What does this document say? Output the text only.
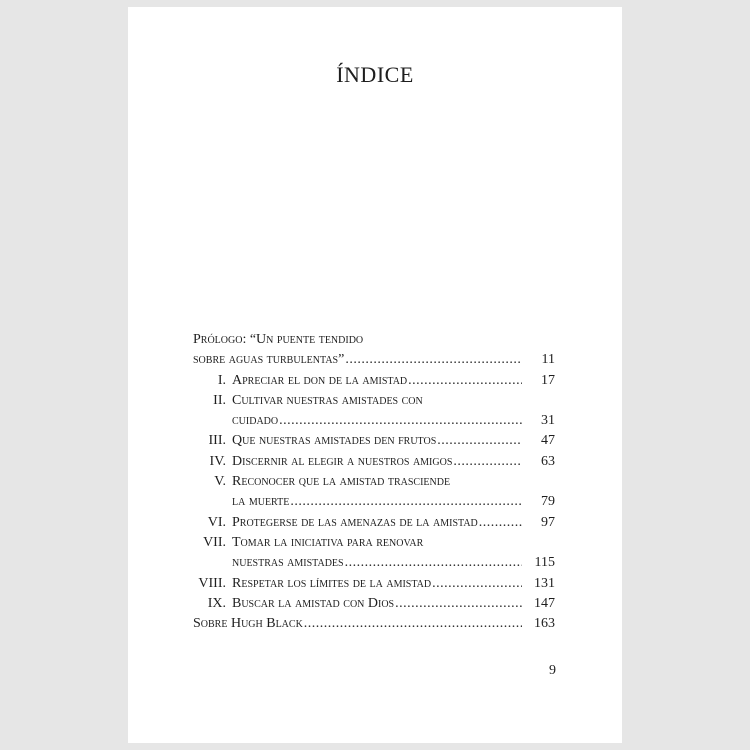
ÍNDICE
Prólogo: “Un puente tendido
sobre aguas turbulentas” .....	11
I. Apreciar el don de la amistad .....	17
II. Cultivar nuestras amistades con
cuidado .....	31
III. Que nuestras amistades den frutos .....	47
IV. Discernir al elegir a nuestros amigos .....	63
V. Reconocer que la amistad trasciende
la muerte .....	79
VI. Protegerse de las amenazas de la amistad .....	97
VII. Tomar la iniciativa para renovar
nuestras amistades .....	115
VIII. Respetar los límites de la amistad .....	131
IX. Buscar la amistad con Dios .....	147
Sobre Hugh Black .....	163
9
